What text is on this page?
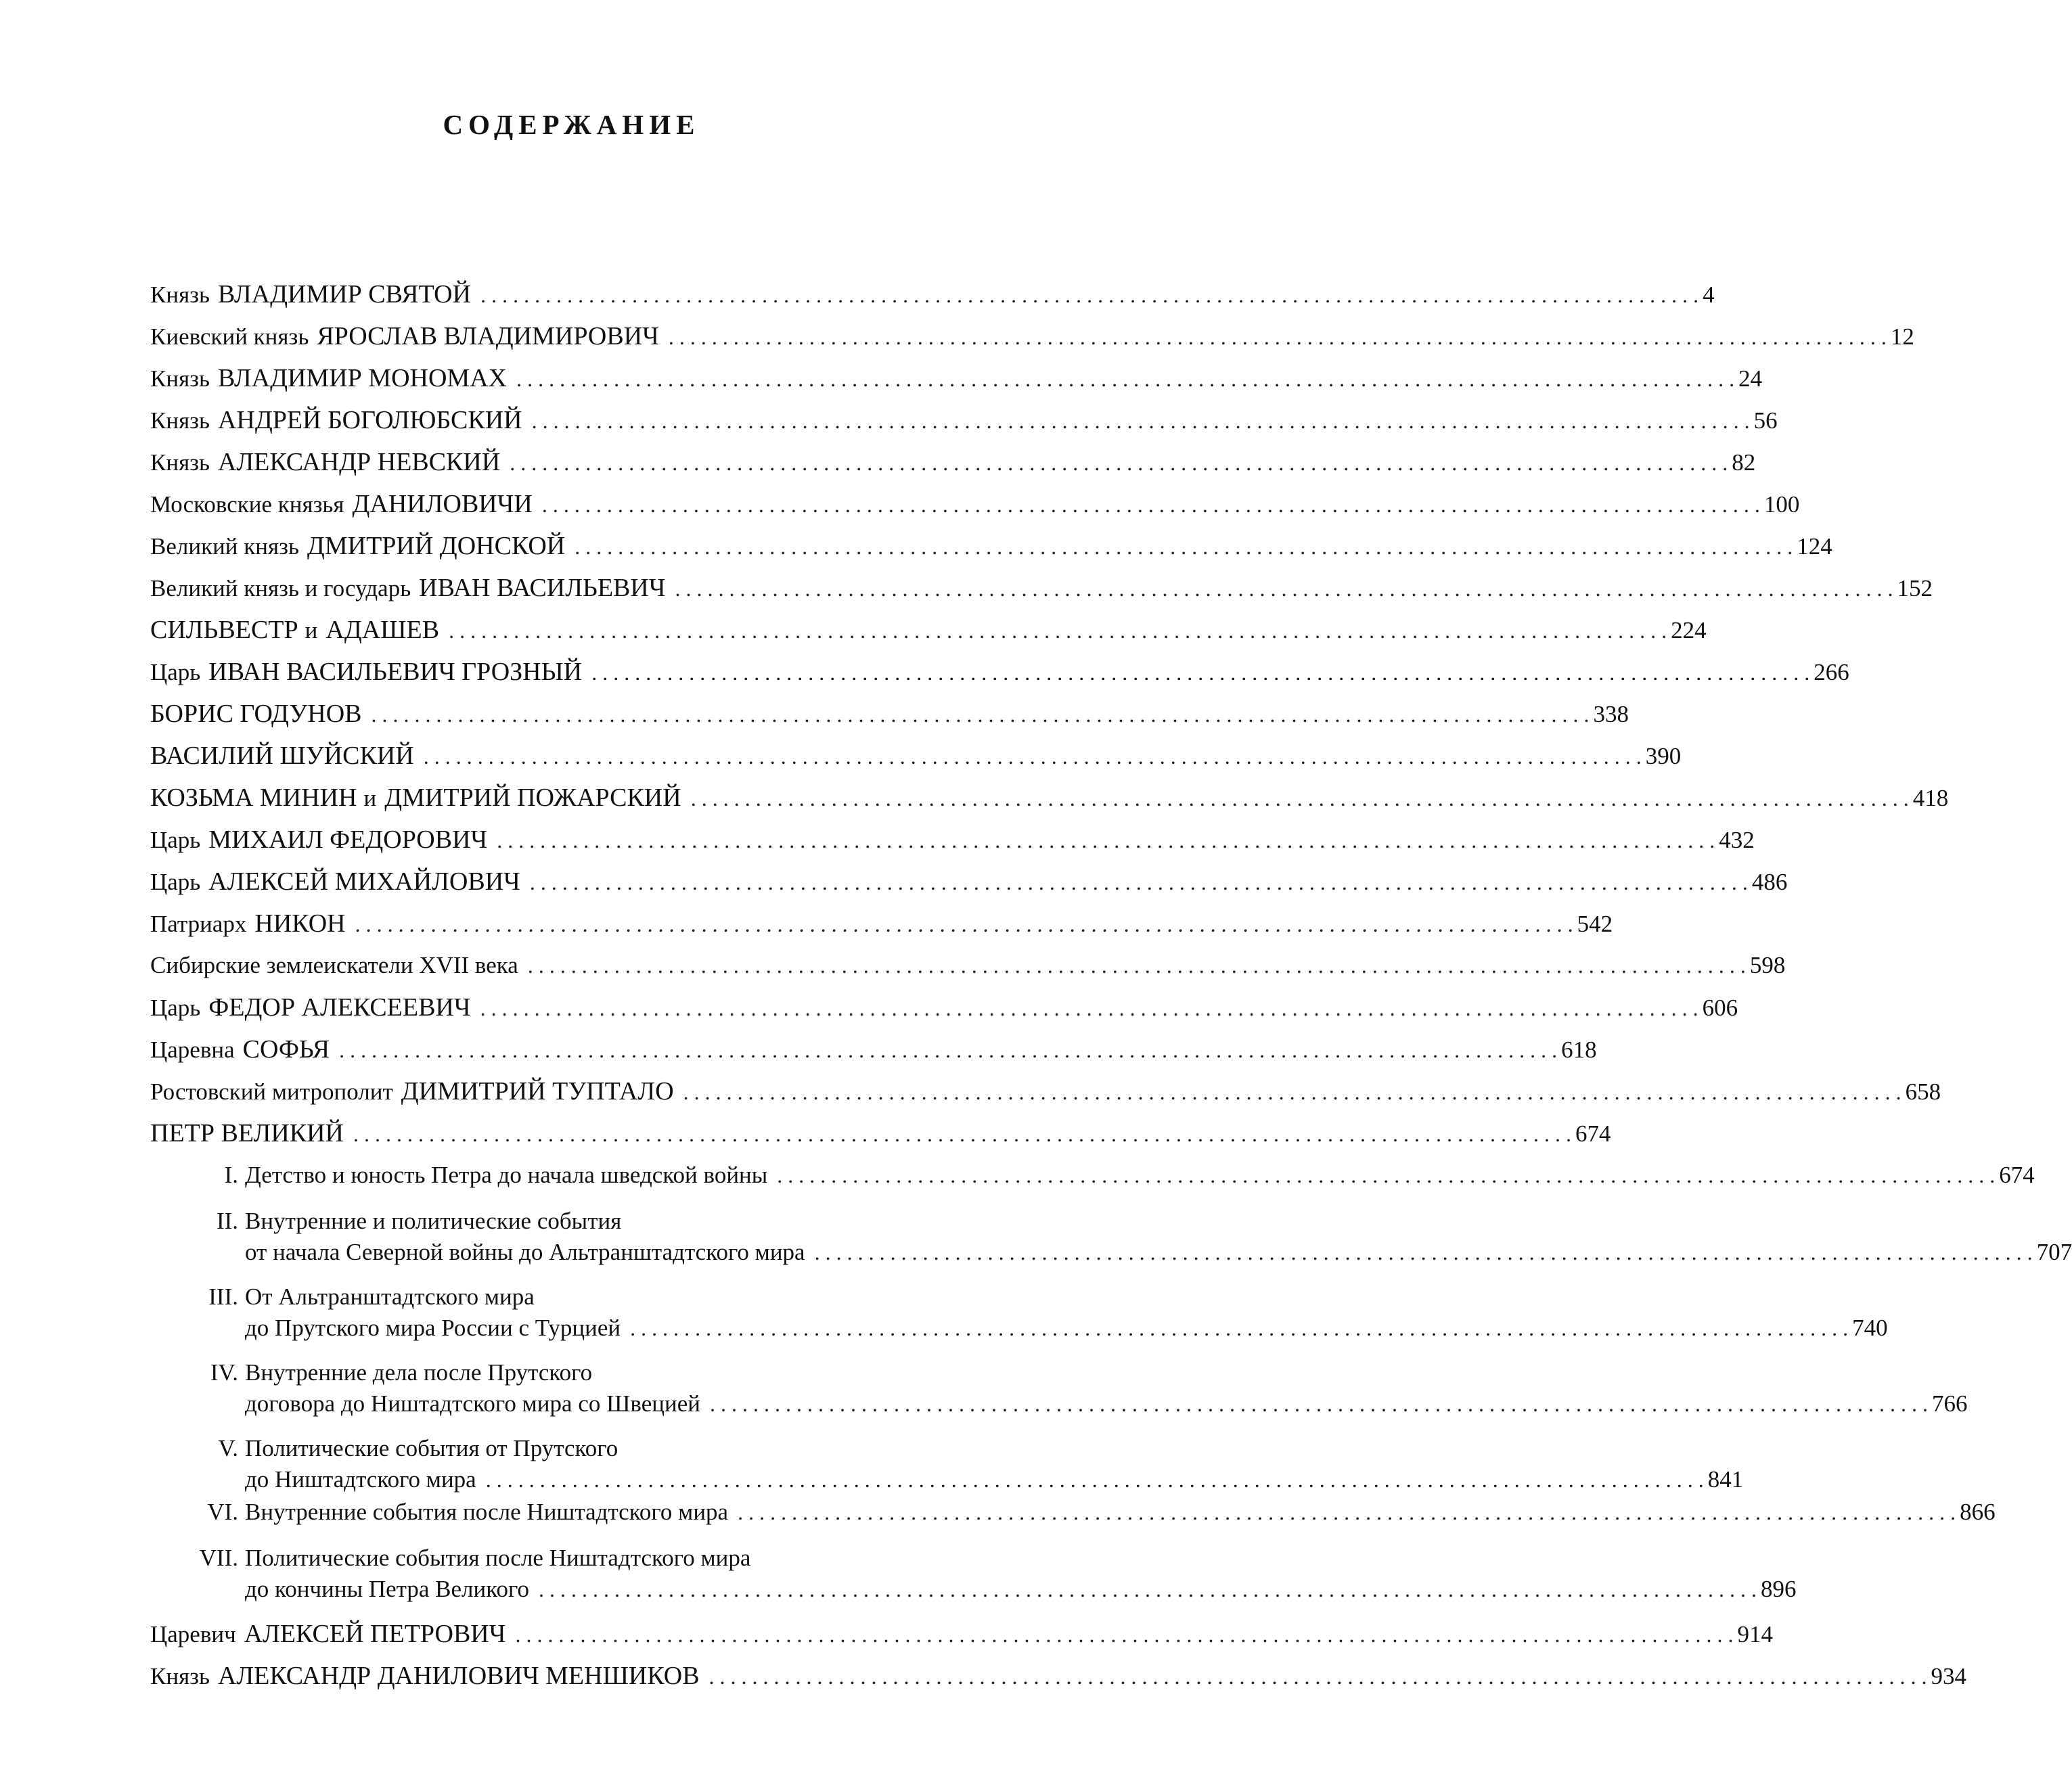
СОДЕРЖАНИЕ
Князь ВЛАДИМИР СВЯТОЙ . . .	4
Киевский князь ЯРОСЛАВ ВЛАДИМИРОВИЧ . . .	12
Князь ВЛАДИМИР МОНОМАХ . . .	24
Князь АНДРЕЙ БОГОЛЮБСКИЙ . . .	56
Князь АЛЕКСАНДР НЕВСКИЙ . . .	82
Московские князья ДАНИЛОВИЧИ . . .	100
Великий князь ДМИТРИЙ ДОНСКОЙ . . .	124
Великий князь и государь ИВАН ВАСИЛЬЕВИЧ . . .	152
СИЛЬВЕСТР и АДАШЕВ . . .	224
Царь ИВАН ВАСИЛЬЕВИЧ ГРОЗНЫЙ . . .	266
БОРИС ГОДУНОВ . . .	338
ВАСИЛИЙ ШУЙСКИЙ . . .	390
КОЗЬМА МИНИН и ДМИТРИЙ ПОЖАРСКИЙ . . .	418
Царь МИХАИЛ ФЕДОРОВИЧ . . .	432
Царь АЛЕКСЕЙ МИХАЙЛОВИЧ . . .	486
Патриарх НИКОН . . .	542
Сибирские землеискатели XVII века . . .	598
Царь ФЕДОР АЛЕКСЕЕВИЧ . . .	606
Царевна СОФЬЯ . . .	618
Ростовский митрополит ДИМИТРИЙ ТУПТАЛО . . .	658
ПЕТР ВЕЛИКИЙ . . .	674
I. Детство и юность Петра до начала шведской войны . . .	674
II. Внутренние и политические события
от начала Северной войны до Альтранштадтского мира . . .	707
III. От Альтранштадтского мира
до Прутского мира России с Турцией . . .	740
IV. Внутренние дела после Прутского
договора до Ништадтского мира со Швецией . . .	766
V. Политические события от Прутского
до Ништадтского мира . . .	841
VI. Внутренние события после Ништадтского мира . . .	866
VII. Политические события после Ништадтского мира
до кончины Петра Великого . . .	896
Царевич АЛЕКСЕЙ ПЕТРОВИЧ . . .	914
Князь АЛЕКСАНДР ДАНИЛОВИЧ МЕНШИКОВ . . .	934
